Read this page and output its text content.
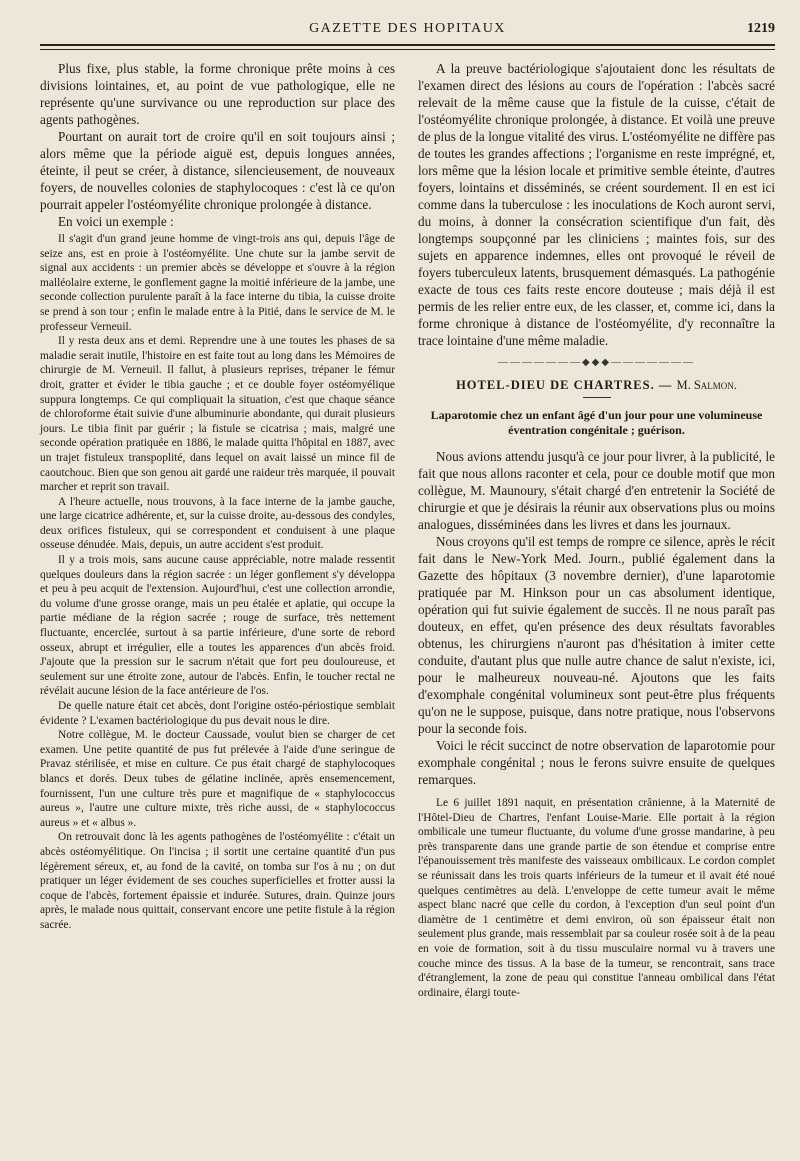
GAZETTE DES HOPITAUX	1219

Plus fixe, plus stable, la forme chronique prête moins à ces divisions lointaines, et, au point de vue pathologique, elle ne représente qu'une survivance ou une reproduction sur place des agents pathogènes.

Pourtant on aurait tort de croire qu'il en soit toujours ainsi ; alors même que la période aiguë est, depuis longues années, éteinte, il peut se créer, à distance, silencieusement, de nouveaux foyers, de nouvelles colonies de staphylocoques : c'est là ce qu'on pourrait appeler l'ostéomyélite chronique prolongée à distance.

En voici un exemple :

Il s'agit d'un grand jeune homme de vingt-trois ans qui, depuis l'âge de seize ans, est en proie à l'ostéomyélite. Une chute sur la jambe servit de signal aux accidents : un premier abcès se développe et s'ouvre à la région malléolaire externe, le gonflement gagne la moitié inférieure de la jambe, une seconde collection purulente paraît à la face interne du tibia, la cuisse droite se prend à son tour ; enfin le malade entre à la Pitié, dans le service de M. le professeur Verneuil.

Il y resta deux ans et demi. Reprendre une à une toutes les phases de sa maladie serait inutile, l'histoire en est faite tout au long dans les Mémoires de chirurgie de M. Verneuil. Il fallut, à plusieurs reprises, trépaner le fémur droit, gratter et évider le tibia gauche ; et ce double foyer ostéomyélique suppura longtemps. Ce qui compliquait la situation, c'est que chaque séance de chloroforme était suivie d'une albuminurie abondante, qui durait plusieurs jours. Le tibia finit par guérir ; la fistule se cicatrisa ; mais, malgré une seconde opération pratiquée en 1886, le malade quitta l'hôpital en 1887, avec un trajet fistuleux transpoplité, dans lequel on avait laissé un mince fil de caoutchouc. Bien que son genou ait gardé une raideur très marquée, il pouvait marcher et reprit son travail.

A l'heure actuelle, nous trouvons, à la face interne de la jambe gauche, une large cicatrice adhérente, et, sur la cuisse droite, au-dessous des condyles, deux orifices fistuleux, qui se correspondent et conduisent à une plaque osseuse dénudée. Mais, depuis, un autre accident s'est produit.

Il y a trois mois, sans aucune cause appréciable, notre malade ressentit quelques douleurs dans la région sacrée : un léger gonflement s'y développa et peu à peu acquit de l'extension. Aujourd'hui, c'est une collection arrondie, du volume d'une grosse orange, mais un peu étalée et aplatie, qui occupe la partie médiane de la région sacrée ; rouge de surface, très nettement fluctuante, encerclée, surtout à sa partie inférieure, d'une sorte de rebord osseux, abrupt et irrégulier, elle a toutes les apparences d'un abcès froid. J'ajoute que la pression sur le sacrum n'était que fort peu douloureuse, et seulement sur une étroite zone, autour de l'abcès. Enfin, le toucher rectal ne révélait aucune lésion de la face antérieure de l'os.

De quelle nature était cet abcès, dont l'origine ostéo-périostique semblait évidente ? L'examen bactériologique du pus devait nous le dire.

Notre collègue, M. le docteur Caussade, voulut bien se charger de cet examen. Une petite quantité de pus fut prélevée à l'aide d'une seringue de Pravaz stérilisée, et mise en culture. Ce pus était chargé de staphylocoques blancs et dorés. Deux tubes de gélatine inclinée, après ensemencement, fournissent, l'un une culture très pure et magnifique de « staphylococcus aureus », l'autre une culture mixte, très riche aussi, de « staphylococcus aureus » et « albus ».

On retrouvait donc là les agents pathogènes de l'ostéomyélite : c'était un abcès ostéomyélitique. On l'incisa ; il sortit une certaine quantité d'un pus légèrement séreux, et, au fond de la cavité, on tomba sur l'os à nu ; on dut pratiquer un léger évidement de ses couches superficielles et frotter aussi la coque de l'abcès, fortement épaissie et indurée. Sutures, drain. Quinze jours après, le malade nous quittait, conservant encore une petite fistule à la région sacrée.

A la preuve bactériologique s'ajoutaient donc les résultats de l'examen direct des lésions au cours de l'opération : l'abcès sacré relevait de la même cause que la fistule de la cuisse, c'était de l'ostéomyélite chronique prolongée, à distance. Et voilà une preuve de plus de la longue vitalité des virus. L'ostéomyélite ne diffère pas de toutes les grandes affections ; l'organisme en reste imprégné, et, lors même que la lésion locale et primitive semble éteinte, d'autres foyers, lointains et disséminés, se créent sourdement. Il en est ici comme dans la tuberculose : les inoculations de Koch auront servi, du moins, à donner la consécration scientifique d'un fait, dès longtemps soupçonné par les cliniciens ; maintes fois, sur des sujets en apparence indemnes, elles ont provoqué le réveil de foyers tuberculeux latents, brusquement démasqués. La pathogénie exacte de tous ces faits reste encore douteuse ; mais déjà il est permis de les relier entre eux, de les classer, et, comme ici, dans la forme chronique à distance de l'ostéomyélite, d'y reconnaître la trace lointaine d'une même maladie.

———————◆◆◆———————
HOTEL-DIEU DE CHARTRES. — M. Salmon.
Laparotomie chez un enfant âgé d'un jour pour une volumineuse éventration congénitale ; guérison.

Nous avions attendu jusqu'à ce jour pour livrer, à la publicité, le fait que nous allons raconter et cela, pour ce double motif que mon collègue, M. Maunoury, s'était chargé d'en entretenir la Société de chirurgie et que je désirais la réunir aux observations plus ou moins analogues, disséminées dans les livres et dans les journaux.

Nous croyons qu'il est temps de rompre ce silence, après le récit fait dans le New-York Med. Journ., publié également dans la Gazette des hôpitaux (3 novembre dernier), d'une laparotomie pratiquée par M. Hinkson pour un cas absolument identique, opération qui fut suivie également de succès. Il ne nous paraît pas douteux, en effet, qu'en présence des deux résultats favorables obtenus, les chirurgiens n'auront pas d'hésitation à imiter cette conduite, d'autant plus que nulle autre chance de salut n'existe, ici, pour le malheureux nouveau-né. Ajoutons que les faits d'exomphale congénital volumineux sont peut-être plus fréquents qu'on ne le suppose, puisque, dans notre pratique, nous l'observons pour la seconde fois.

Voici le récit succinct de notre observation de laparotomie pour exomphale congénital ; nous le ferons suivre ensuite de quelques remarques.

Le 6 juillet 1891 naquit, en présentation crânienne, à la Maternité de l'Hôtel-Dieu de Chartres, l'enfant Louise-Marie. Elle portait à la région ombilicale une tumeur fluctuante, du volume d'une grosse mandarine, à peu près transparente dans une grande partie de son étendue et comprise entre l'épanouissement très manifeste des vaisseaux ombilicaux. Le cordon complet se réunissait dans les trois quarts inférieurs de la tumeur et il avait été noué quelques centimètres au delà. L'enveloppe de cette tumeur avait le même aspect blanc nacré que celle du cordon, à l'exception d'un seul point d'un diamètre de 1 centimètre et demi environ, où son épaisseur était non seulement plus grande, mais ressemblait par sa couleur rosée soit à de la peau en voie de formation, soit à du tissu musculaire normal vu à travers une couche mince des tissus. A la base de la tumeur, se rencontrait, sans trace d'étranglement, la zone de peau qui constitue l'anneau ombilical dans l'état ordinaire, élargi toute-
